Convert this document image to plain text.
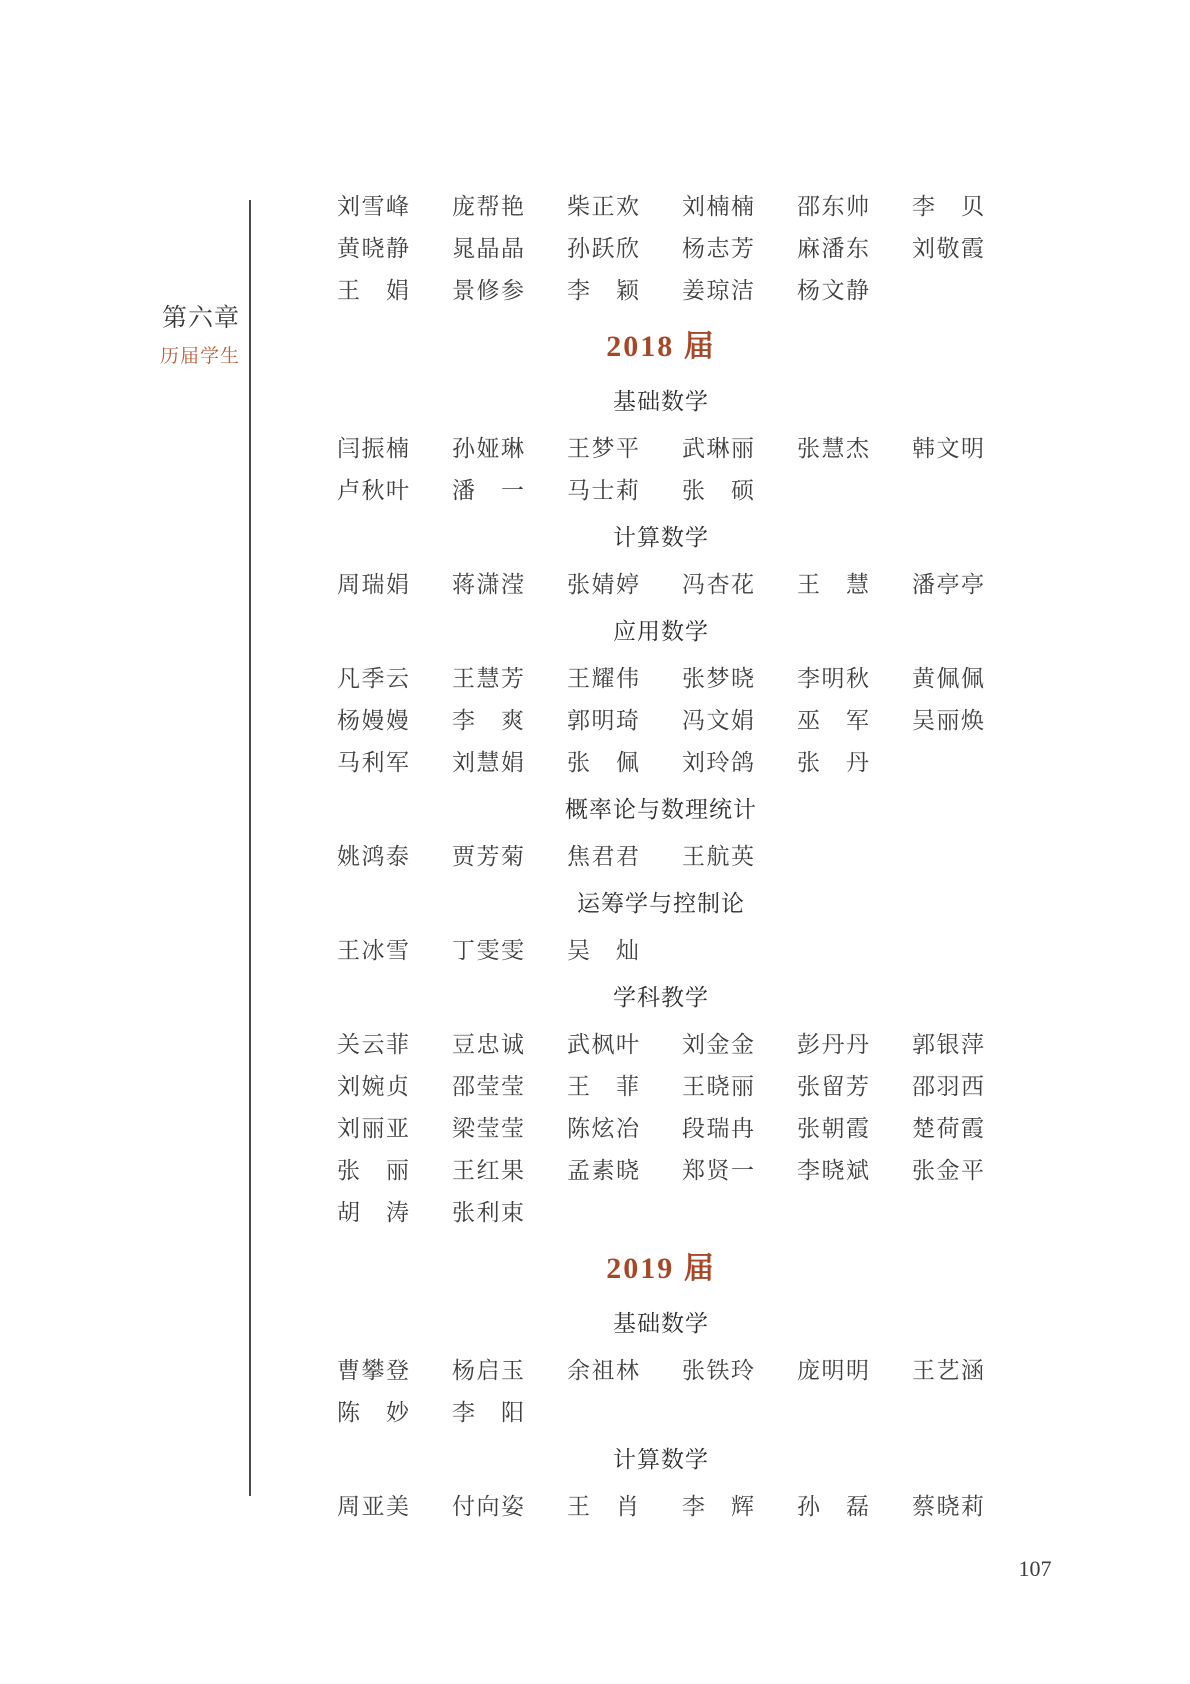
第六章
历届学生
刘雪峰 庞帮艳 柴正欢 刘楠楠 邵东帅 李　贝
黄晓静 晁晶晶 孙跃欣 杨志芳 麻潘东 刘敬霞
王　娟 景修参 李　颖 姜琼洁 杨文静
2018 届
基础数学
闫振楠 孙娅琳 王梦平 武琳丽 张慧杰 韩文明
卢秋叶 潘　一 马士莉 张　硕
计算数学
周瑞娟 蒋潇滢 张婧婷 冯杏花 王　慧 潘亭亭
应用数学
凡季云 王慧芳 王耀伟 张梦晓 李明秋 黄佩佩
杨嫚嫚 李　爽 郭明琦 冯文娟 巫　军 吴丽焕
马利军 刘慧娟 张　佩 刘玲鸽 张　丹
概率论与数理统计
姚鸿泰 贾芳菊 焦君君 王航英
运筹学与控制论
王冰雪 丁雯雯 吴　灿
学科教学
关云菲 豆忠诚 武枫叶 刘金金 彭丹丹 郭银萍
刘婉贞 邵莹莹 王　菲 王晓丽 张留芳 邵羽西
刘丽亚 梁莹莹 陈炫冶 段瑞冉 张朝霞 楚荷霞
张　丽 王红果 孟素晓 郑贤一 李晓斌 张金平
胡　涛 张利束
2019 届
基础数学
曹攀登 杨启玉 余祖林 张铁玲 庞明明 王艺涵
陈　妙 李　阳
计算数学
周亚美 付向姿 王　肖 李　辉 孙　磊 蔡晓莉
107
